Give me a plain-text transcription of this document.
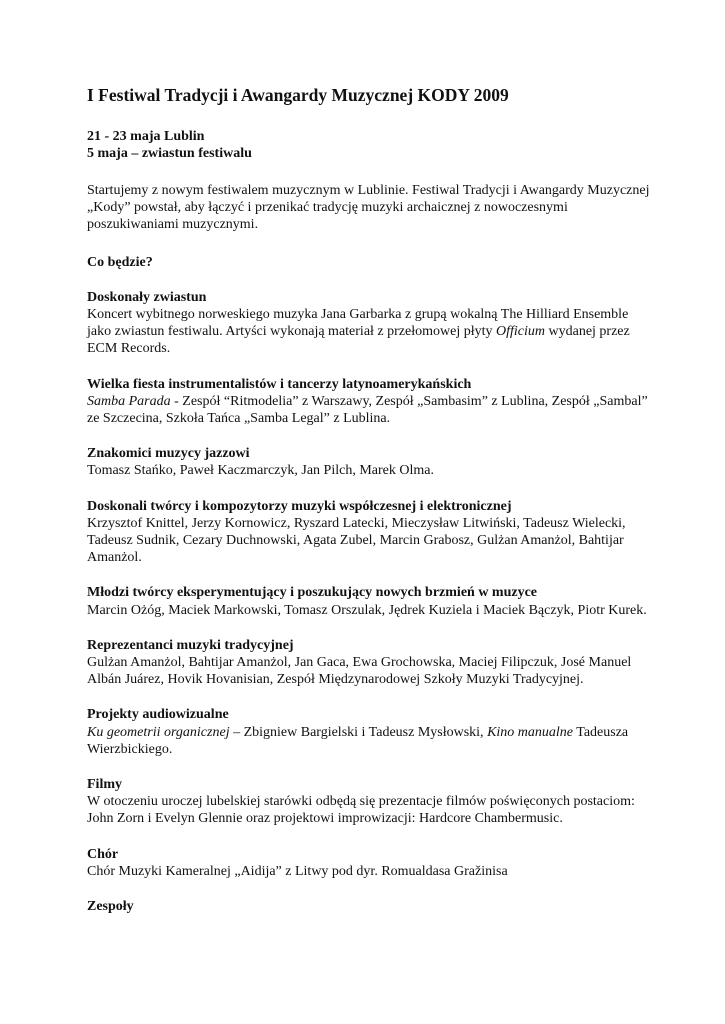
I Festiwal Tradycji i Awangardy Muzycznej KODY 2009
21 - 23 maja Lublin
5 maja – zwiastun festiwalu

Startujemy z nowym festiwalem muzycznym w Lublinie. Festiwal Tradycji i Awangardy Muzycznej „Kody” powstał, aby łączyć i przenikać tradycję muzyki archaicznej z nowoczesnymi poszukiwaniami muzycznymi.

Co będzie?
Doskonały zwiastun
Koncert wybitnego norweskiego muzyka Jana Garbarka z grupą wokalną The Hilliard Ensemble jako zwiastun festiwalu. Artyści wykonają materiał z przełomowej płyty Officium wydanej przez ECM Records.
Wielka fiesta instrumentalistów i tancerzy latynoamerykańskich
Samba Parada - Zespół “Ritmodelia” z Warszawy, Zespół „Sambasim” z Lublina, Zespół „Sambal” ze Szczecina, Szkoła Tańca „Samba Legal” z Lublina.
Znakomici muzycy jazzowi
Tomasz Stańko, Paweł Kaczmarczyk, Jan Pilch, Marek Olma.
Doskonali twórcy i kompozytorzy muzyki współczesnej i elektronicznej
Krzysztof Knittel, Jerzy Kornowicz, Ryszard Latecki, Mieczysław Litwiński, Tadeusz Wielecki, Tadeusz Sudnik, Cezary Duchnowski, Agata Zubel, Marcin Grabosz, Gulżan Amanżol, Bahtijar Amanżol.
Młodzi twórcy eksperymentujący i poszukujący nowych brzmień w muzyce
Marcin Ożóg, Maciek Markowski, Tomasz Orszulak, Jędrek Kuziela i Maciek Bączyk, Piotr Kurek.
Reprezentanci muzyki tradycyjnej
Gulżan Amanżol, Bahtijar Amanżol, Jan Gaca, Ewa Grochowska, Maciej Filipczuk, José Manuel Albán Juárez, Hovik Hovanisian, Zespół Międzynarodowej Szkoły Muzyki Tradycyjnej.
Projekty audiowizualne
Ku geometrii organicznej – Zbigniew Bargielski i Tadeusz Mysłowski, Kino manualne Tadeusza Wierzbickiego.
Filmy
W otoczeniu uroczej lubelskiej starówki odbędą się prezentacje filmów poświęconych postaciom: John Zorn i Evelyn Glennie oraz projektowi improwizacji: Hardcore Chambermusic.
Chór
Chór Muzyki Kameralnej „Aidija” z Litwy pod dyr. Romualdasa Gražinisa
Zespoły
